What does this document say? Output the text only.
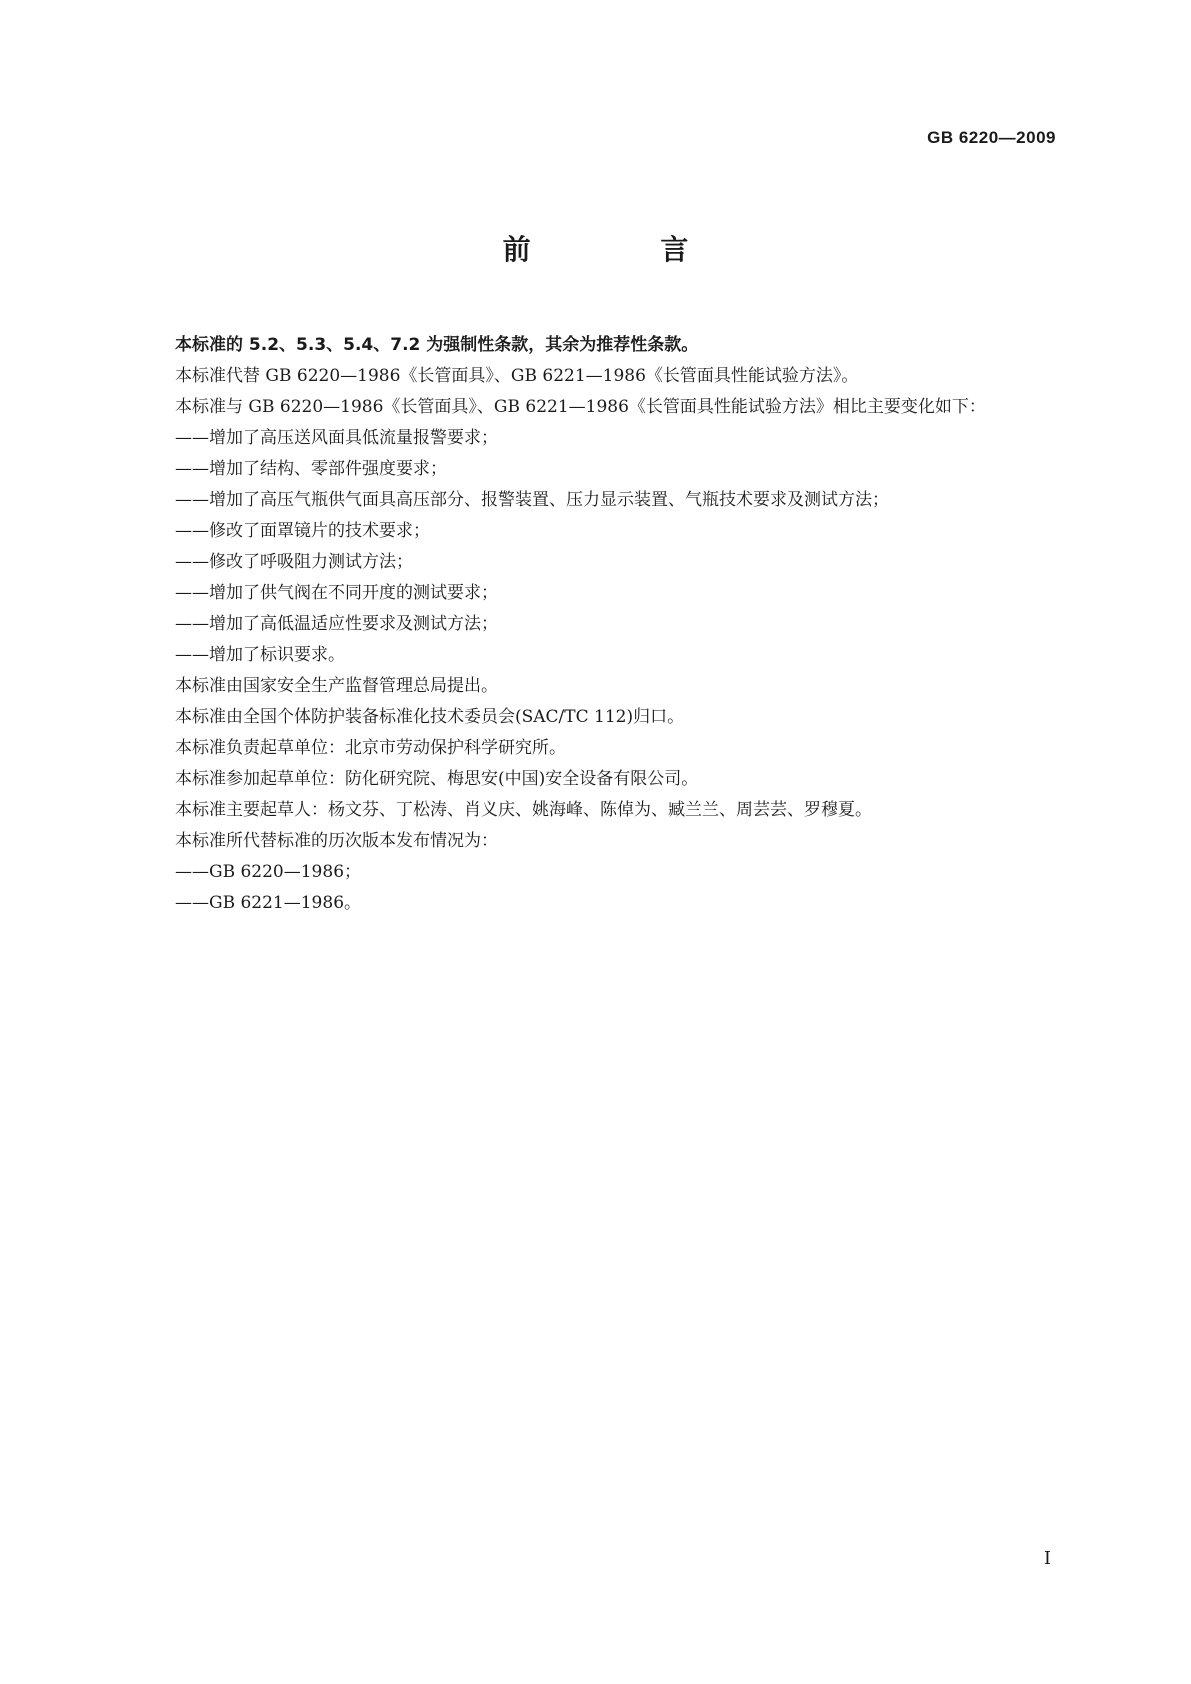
GB 6220—2009
前 言

本标准的 5.2、5.3、5.4、7.2 为强制性条款，其余为推荐性条款。

本标准代替 GB 6220—1986《长管面具》、GB 6221—1986《长管面具性能试验方法》。

本标准与 GB 6220—1986《长管面具》、GB 6221—1986《长管面具性能试验方法》相比主要变化如下：

——增加了高压送风面具低流量报警要求；

——增加了结构、零部件强度要求；

——增加了高压气瓶供气面具高压部分、报警装置、压力显示装置、气瓶技术要求及测试方法；

——修改了面罩镜片的技术要求；

——修改了呼吸阻力测试方法；

——增加了供气阀在不同开度的测试要求；

——增加了高低温适应性要求及测试方法；

——增加了标识要求。

本标准由国家安全生产监督管理总局提出。

本标准由全国个体防护装备标准化技术委员会(SAC/TC 112)归口。

本标准负责起草单位：北京市劳动保护科学研究所。

本标准参加起草单位：防化研究院、梅思安(中国)安全设备有限公司。

本标准主要起草人：杨文芬、丁松涛、肖义庆、姚海峰、陈倬为、臧兰兰、周芸芸、罗穆夏。

本标准所代替标准的历次版本发布情况为：

——GB 6220—1986；

——GB 6221—1986。

I
